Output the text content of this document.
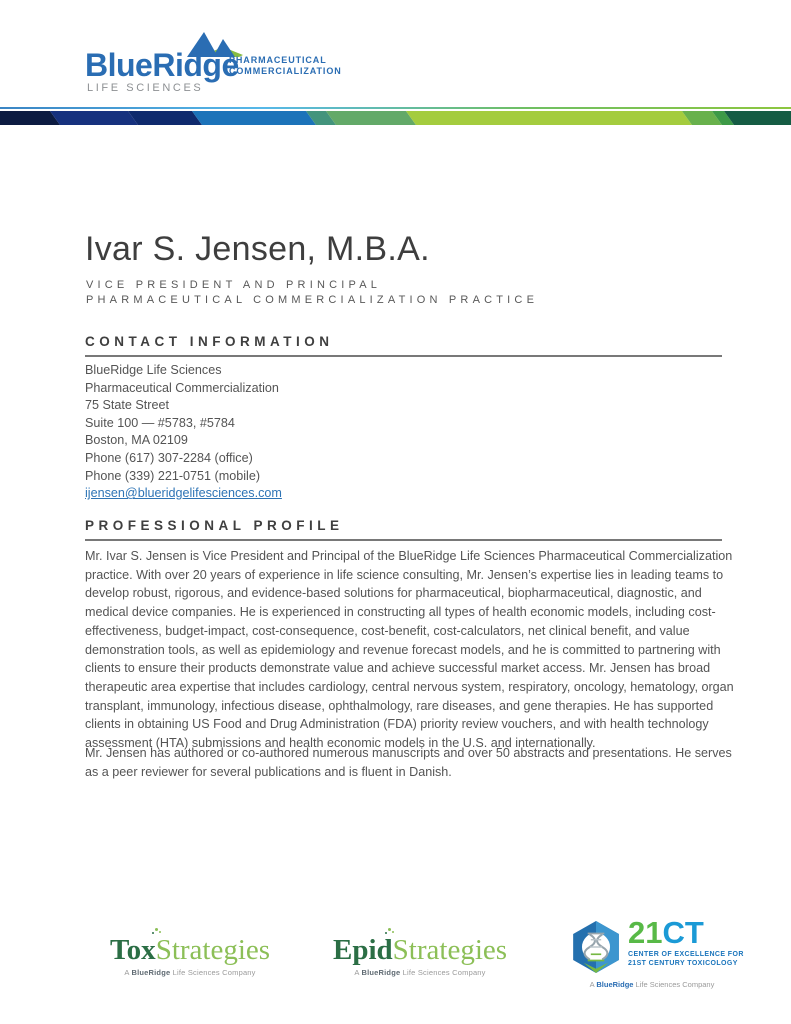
BlueRidge
LIFE SCIENCES
PHARMACEUTICAL
COMMERCIALIZATION
Ivar S. Jensen, M.B.A.
VICE PRESIDENT AND PRINCIPAL
PHARMACEUTICAL COMMERCIALIZATION PRACTICE
CONTACT INFORMATION
BlueRidge Life Sciences
Pharmaceutical Commercialization
75 State Street
Suite 100 — #5783, #5784
Boston, MA 02109
Phone (617) 307-2284 (office)
Phone (339) 221-0751 (mobile)
ijensen@blueridgelifesciences.com
PROFESSIONAL PROFILE
Mr. Ivar S. Jensen is Vice President and Principal of the BlueRidge Life Sciences Pharmaceutical Commercialization practice. With over 20 years of experience in life science consulting, Mr. Jensen’s expertise lies in leading teams to develop robust, rigorous, and evidence-based solutions for pharmaceutical, biopharmaceutical, diagnostic, and medical device companies. He is experienced in constructing all types of health economic models, including cost-effectiveness, budget-impact, cost-consequence, cost-benefit, cost-calculators, net clinical benefit, and value demonstration tools, as well as epidemiology and revenue forecast models, and he is committed to partnering with clients to ensure their products demonstrate value and achieve successful market access. Mr. Jensen has broad therapeutic area expertise that includes cardiology, central nervous system, respiratory, oncology, hematology, organ transplant, immunology, infectious disease, ophthalmology, rare diseases, and gene therapies. He has supported clients in obtaining US Food and Drug Administration (FDA) priority review vouchers, and with health technology assessment (HTA) submissions and health economic models in the U.S. and internationally.
Mr. Jensen has authored or co-authored numerous manuscripts and over 50 abstracts and presentations. He serves as a peer reviewer for several publications and is fluent in Danish.
ToxStrategies
A BlueRidge Life Sciences Company
EpidStrategies
A BlueRidge Life Sciences Company
21CT
CENTER OF EXCELLENCE FOR
21ST CENTURY TOXICOLOGY
A BlueRidge Life Sciences Company
